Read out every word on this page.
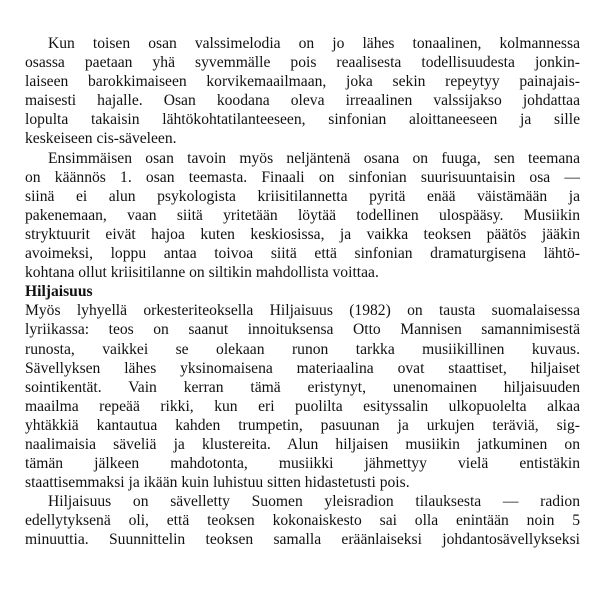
Kun toisen osan valssimelodia on jo lähes tonaalinen, kolmannessa
osassa paetaan yhä syvemmälle pois reaalisesta todellisuudesta jonkin-
laiseen barokkimaiseen korvikemaailmaan, joka sekin repeytyy painajais-
maisesti hajalle. Osan koodana oleva irreaalinen valssijakso johdattaa
lopulta takaisin lähtökohtatilanteeseen, sinfonian aloittaneeseen ja sille
keskeiseen cis-säveleen.
Ensimmäisen osan tavoin myös neljäntenä osana on fuuga, sen teemana
on käännös 1. osan teemasta. Finaali on sinfonian suurisuuntaisin osa —
siinä ei alun psykologista kriisitilannetta pyritä enää väistämään ja
pakenemaan, vaan siitä yritetään löytää todellinen ulospääsy. Musiikin
stryktuurit eivät hajoa kuten keskiosissa, ja vaikka teoksen päätös jääkin
avoimeksi, loppu antaa toivoa siitä että sinfonian dramaturgisena lähtö-
kohtana ollut kriisitilanne on siltikin mahdollista voittaa.
Hiljaisuus
Myös lyhyellä orkesteriteoksella Hiljaisuus (1982) on tausta suomalaisessa
lyriikassa: teos on saanut innoituksensa Otto Mannisen samannimisestä
runosta, vaikkei se olekaan runon tarkka musiikillinen kuvaus.
Sävellyksen lähes yksinomaisena materiaalina ovat staattiset, hiljaiset
sointikentät. Vain kerran tämä eristynyt, unenomainen hiljaisuuden
maailma repeää rikki, kun eri puolilta esityssalin ulkopuolelta alkaa
yhtäkkiä kantautua kahden trumpetin, pasuunan ja urkujen teräviä, sig-
naalimaisia säveliä ja klustereita. Alun hiljaisen musiikin jatkuminen on
tämän jälkeen mahdotonta, musiikki jähmettyy vielä entistäkin
staattisemmaksi ja ikään kuin luhistuu sitten hidastetusti pois.
Hiljaisuus on sävelletty Suomen yleisradion tilauksesta — radion
edellytyksenä oli, että teoksen kokonaiskesto sai olla enintään noin 5
minuuttia. Suunnittelin teoksen samalla eräänlaiseksi johdantosävellykseksi
